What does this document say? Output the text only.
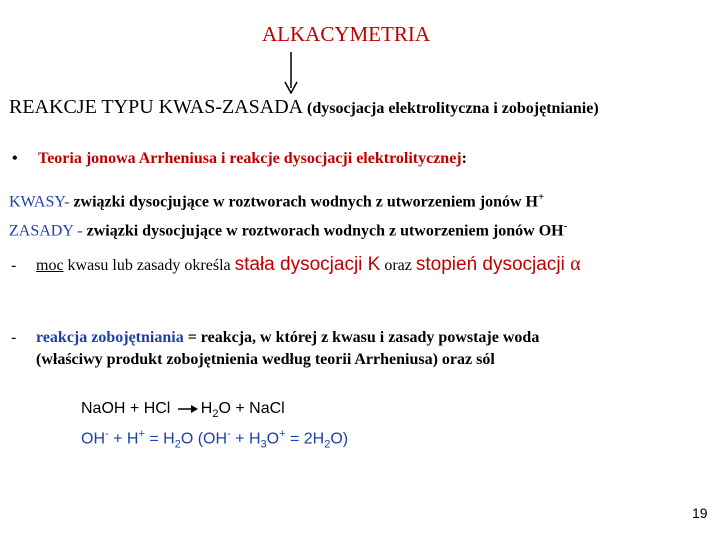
ALKACYMETRIA
REAKCJE TYPU KWAS-ZASADA (dysocjacja elektrolityczna i zobojętnianie)
• Teoria jonowa Arrheniusa i reakcje dysocjacji elektrolitycznej:
KWASY- związki dysocjujące w roztworach wodnych z utworzeniem jonów H+
ZASADY - związki dysocjujące w roztworach wodnych z utworzeniem jonów OH-
- moc kwasu lub zasady określa stała dysocjacji K oraz stopień dysocjacji α
- reakcja zobojętniania = reakcja, w której z kwasu i zasady powstaje woda
(właściwy produkt zobojętnienia według teorii Arrheniusa) oraz sól
NaOH + HCl $H_2O$ + NaCl
$OH^- + H^+ = H_2O$ $(OH^- + H_3O^+ = 2H_2O)$
19
